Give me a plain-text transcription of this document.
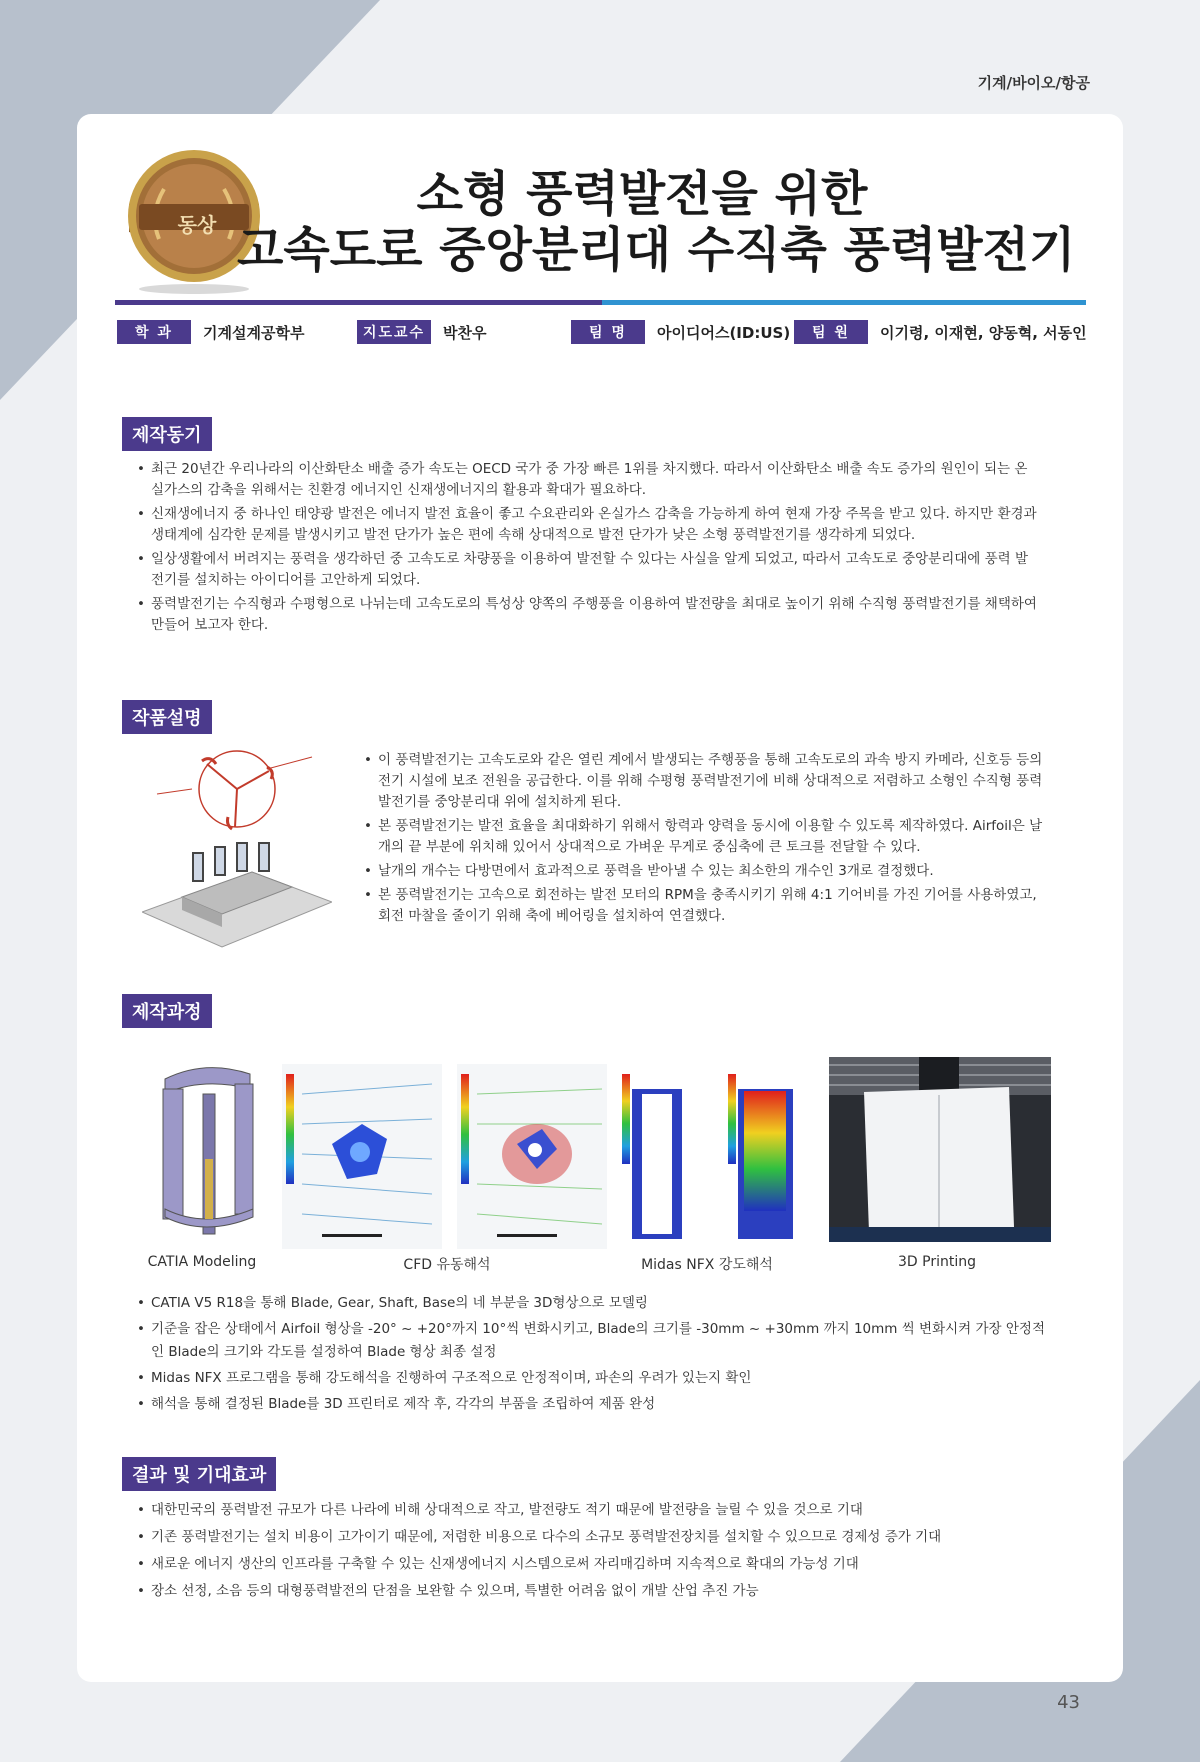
기계/바이오/항공
동상
소형 풍력발전을 위한
고속도로 중앙분리대 수직축 풍력발전기
학 과	기계설계공학부	지도교수	박찬우	팀 명	아이디어스(ID:US)	팀 원	이기령, 이재현, 양동혁, 서동인
제작동기
• 최근 20년간 우리나라의 이산화탄소 배출 증가 속도는 OECD 국가 중 가장 빠른 1위를 차지했다. 따라서 이산화탄소 배출 속도 증가의 원인이 되는 온실가스의 감축을 위해서는 친환경 에너지인 신재생에너지의 활용과 확대가 필요하다.
• 신재생에너지 중 하나인 태양광 발전은 에너지 발전 효율이 좋고 수요관리와 온실가스 감축을 가능하게 하여 현재 가장 주목을 받고 있다. 하지만 환경과 생태계에 심각한 문제를 발생시키고 발전 단가가 높은 편에 속해 상대적으로 발전 단가가 낮은 소형 풍력발전기를 생각하게 되었다.
• 일상생활에서 버려지는 풍력을 생각하던 중 고속도로 차량풍을 이용하여 발전할 수 있다는 사실을 알게 되었고, 따라서 고속도로 중앙분리대에 풍력 발전기를 설치하는 아이디어를 고안하게 되었다.
• 풍력발전기는 수직형과 수평형으로 나뉘는데 고속도로의 특성상 양쪽의 주행풍을 이용하여 발전량을 최대로 높이기 위해 수직형 풍력발전기를 채택하여 만들어 보고자 한다.
작품설명
• 이 풍력발전기는 고속도로와 같은 열린 계에서 발생되는 주행풍을 통해 고속도로의 과속 방지 카메라, 신호등 등의 전기 시설에 보조 전원을 공급한다. 이를 위해 수평형 풍력발전기에 비해 상대적으로 저렴하고 소형인 수직형 풍력발전기를 중앙분리대 위에 설치하게 된다.
• 본 풍력발전기는 발전 효율을 최대화하기 위해서 항력과 양력을 동시에 이용할 수 있도록 제작하였다. Airfoil은 날개의 끝 부분에 위치해 있어서 상대적으로 가벼운 무게로 중심축에 큰 토크를 전달할 수 있다.
• 날개의 개수는 다방면에서 효과적으로 풍력을 받아낼 수 있는 최소한의 개수인 3개로 결정했다.
• 본 풍력발전기는 고속으로 회전하는 발전 모터의 RPM을 충족시키기 위해 4:1 기어비를 가진 기어를 사용하였고, 회전 마찰을 줄이기 위해 축에 베어링을 설치하여 연결했다.
제작과정
CATIA Modeling	CFD 유동해석	Midas NFX 강도해석	3D Printing
• CATIA V5 R18을 통해 Blade, Gear, Shaft, Base의 네 부분을 3D형상으로 모델링
• 기준을 잡은 상태에서 Airfoil 형상을 -20° ~ +20°까지 10°씩 변화시키고, Blade의 크기를 -30mm ~ +30mm 까지 10mm 씩 변화시켜 가장 안정적인 Blade의 크기와 각도를 설정하여 Blade 형상 최종 설정
• Midas NFX 프로그램을 통해 강도해석을 진행하여 구조적으로 안정적이며, 파손의 우려가 있는지 확인
• 해석을 통해 결정된 Blade를 3D 프린터로 제작 후, 각각의 부품을 조립하여 제품 완성
결과 및 기대효과
• 대한민국의 풍력발전 규모가 다른 나라에 비해 상대적으로 작고, 발전량도 적기 때문에 발전량을 늘릴 수 있을 것으로 기대
• 기존 풍력발전기는 설치 비용이 고가이기 때문에, 저렴한 비용으로 다수의 소규모 풍력발전장치를 설치할 수 있으므로 경제성 증가 기대
• 새로운 에너지 생산의 인프라를 구축할 수 있는 신재생에너지 시스템으로써 자리매김하며 지속적으로 확대의 가능성 기대
• 장소 선정, 소음 등의 대형풍력발전의 단점을 보완할 수 있으며, 특별한 어려움 없이 개발 산업 추진 가능
43
